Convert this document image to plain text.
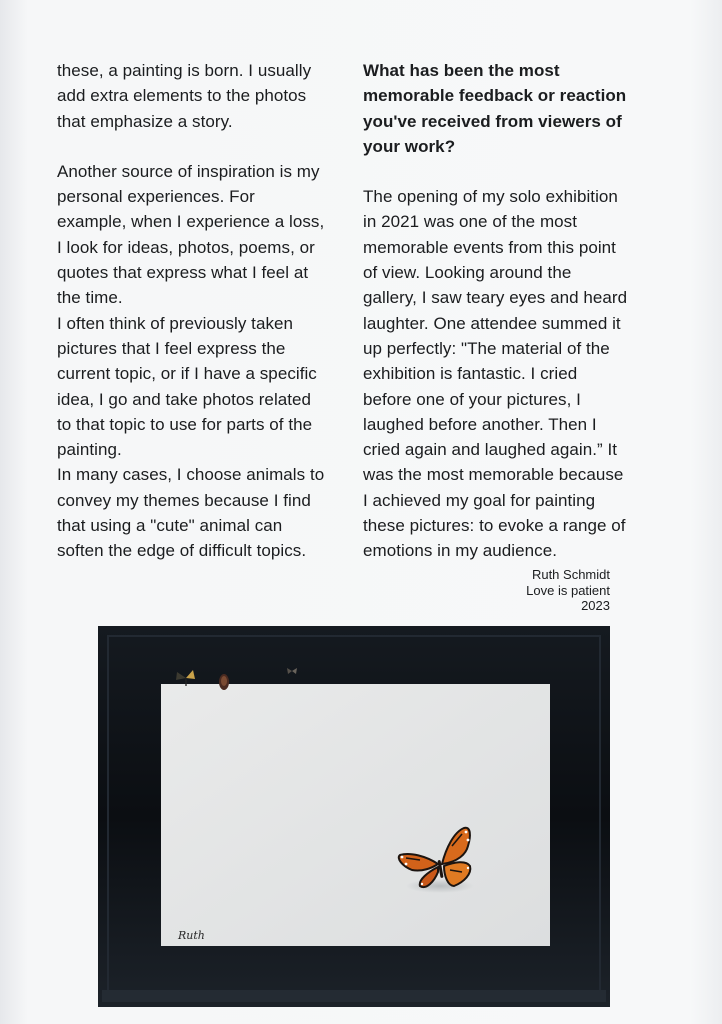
these, a painting is born. I usually
add extra elements to the photos
that emphasize a story.

Another source of inspiration is my
personal experiences. For
example, when I experience a loss,
I look for ideas, photos, poems, or
quotes that express what I feel at
the time.

I often think of previously taken
pictures that I feel express the
current topic, or if I have a specific
idea, I go and take photos related
to that topic to use for parts of the
painting.

In many cases, I choose animals to
convey my themes because I find
that using a "cute" animal can
soften the edge of difficult topics.

What has been the most
memorable feedback or reaction
you've received from viewers of
your work?

The opening of my solo exhibition
in 2021 was one of the most
memorable events from this point
of view. Looking around the
gallery, I saw teary eyes and heard
laughter. One attendee summed it
up perfectly: "The material of the
exhibition is fantastic. I cried
before one of your pictures, I
laughed before another. Then I
cried again and laughed again.” It
was the most memorable because
I achieved my goal for painting
these pictures: to evoke a range of
emotions in my audience.

Ruth Schmidt
Love is patient
2023
Ruth
